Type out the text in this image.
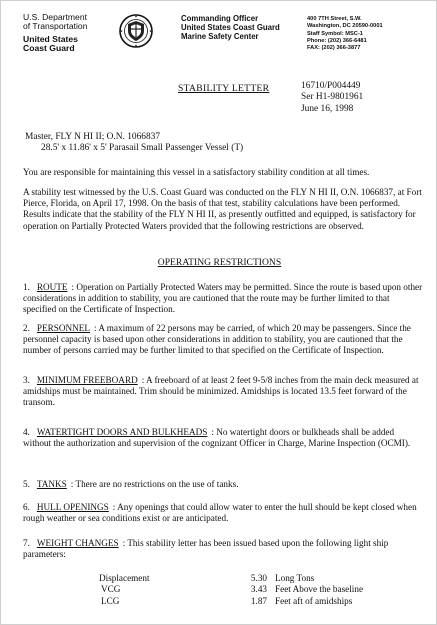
U.S. Department
of Transportation
United States
Coast Guard
Commanding Officer
United States Coast Guard
Marine Safety Center
400 7TH Street, S.W.
Washington, DC 20590-0001
Staff Symbol: MSC-1
Phone: (202) 366-6481
FAX: (202) 366-3877
STABILITY LETTER	16710/P004449
Ser H1-9801961
June 16, 1998
Master, FLY N HI II; O.N. 1066837
28.5' x 11.86' x 5' Parasail Small Passenger Vessel (T)
You are responsible for maintaining this vessel in a satisfactory stability condition at all times.
A stability test witnessed by the U.S. Coast Guard was conducted on the FLY N HI II, O.N. 1066837, at Fort Pierce, Florida, on April 17, 1998. On the basis of that test, stability calculations have been performed. Results indicate that the stability of the FLY N HI II, as presently outfitted and equipped, is satisfactory for operation on Partially Protected Waters provided that the following restrictions are observed.
OPERATING RESTRICTIONS
1. ROUTE : Operation on Partially Protected Waters may be permitted. Since the route is based upon other considerations in addition to stability, you are cautioned that the route may be further limited to that specified on the Certificate of Inspection.
2. PERSONNEL : A maximum of 22 persons may be carried, of which 20 may be passengers. Since the personnel capacity is based upon other considerations in addition to stability, you are cautioned that the number of persons carried may be further limited to that specified on the Certificate of Inspection.
3. MINIMUM FREEBOARD : A freeboard of at least 2 feet 9-5/8 inches from the main deck measured at amidships must be maintained. Trim should be minimized. Amidships is located 13.5 feet forward of the transom.
4. WATERTIGHT DOORS AND BULKHEADS : No watertight doors or bulkheads shall be added without the authorization and supervision of the cognizant Officer in Charge, Marine Inspection (OCMI).
5. TANKS : There are no restrictions on the use of tanks.
6. HULL OPENINGS : Any openings that could allow water to enter the hull should be kept closed when rough weather or sea conditions exist or are anticipated.
7. WEIGHT CHANGES : This stability letter has been issued based upon the following light ship parameters:
Displacement	5.30 Long Tons
VCG	3.43 Feet Above the baseline
LCG	1.87 Feet aft of amidships
